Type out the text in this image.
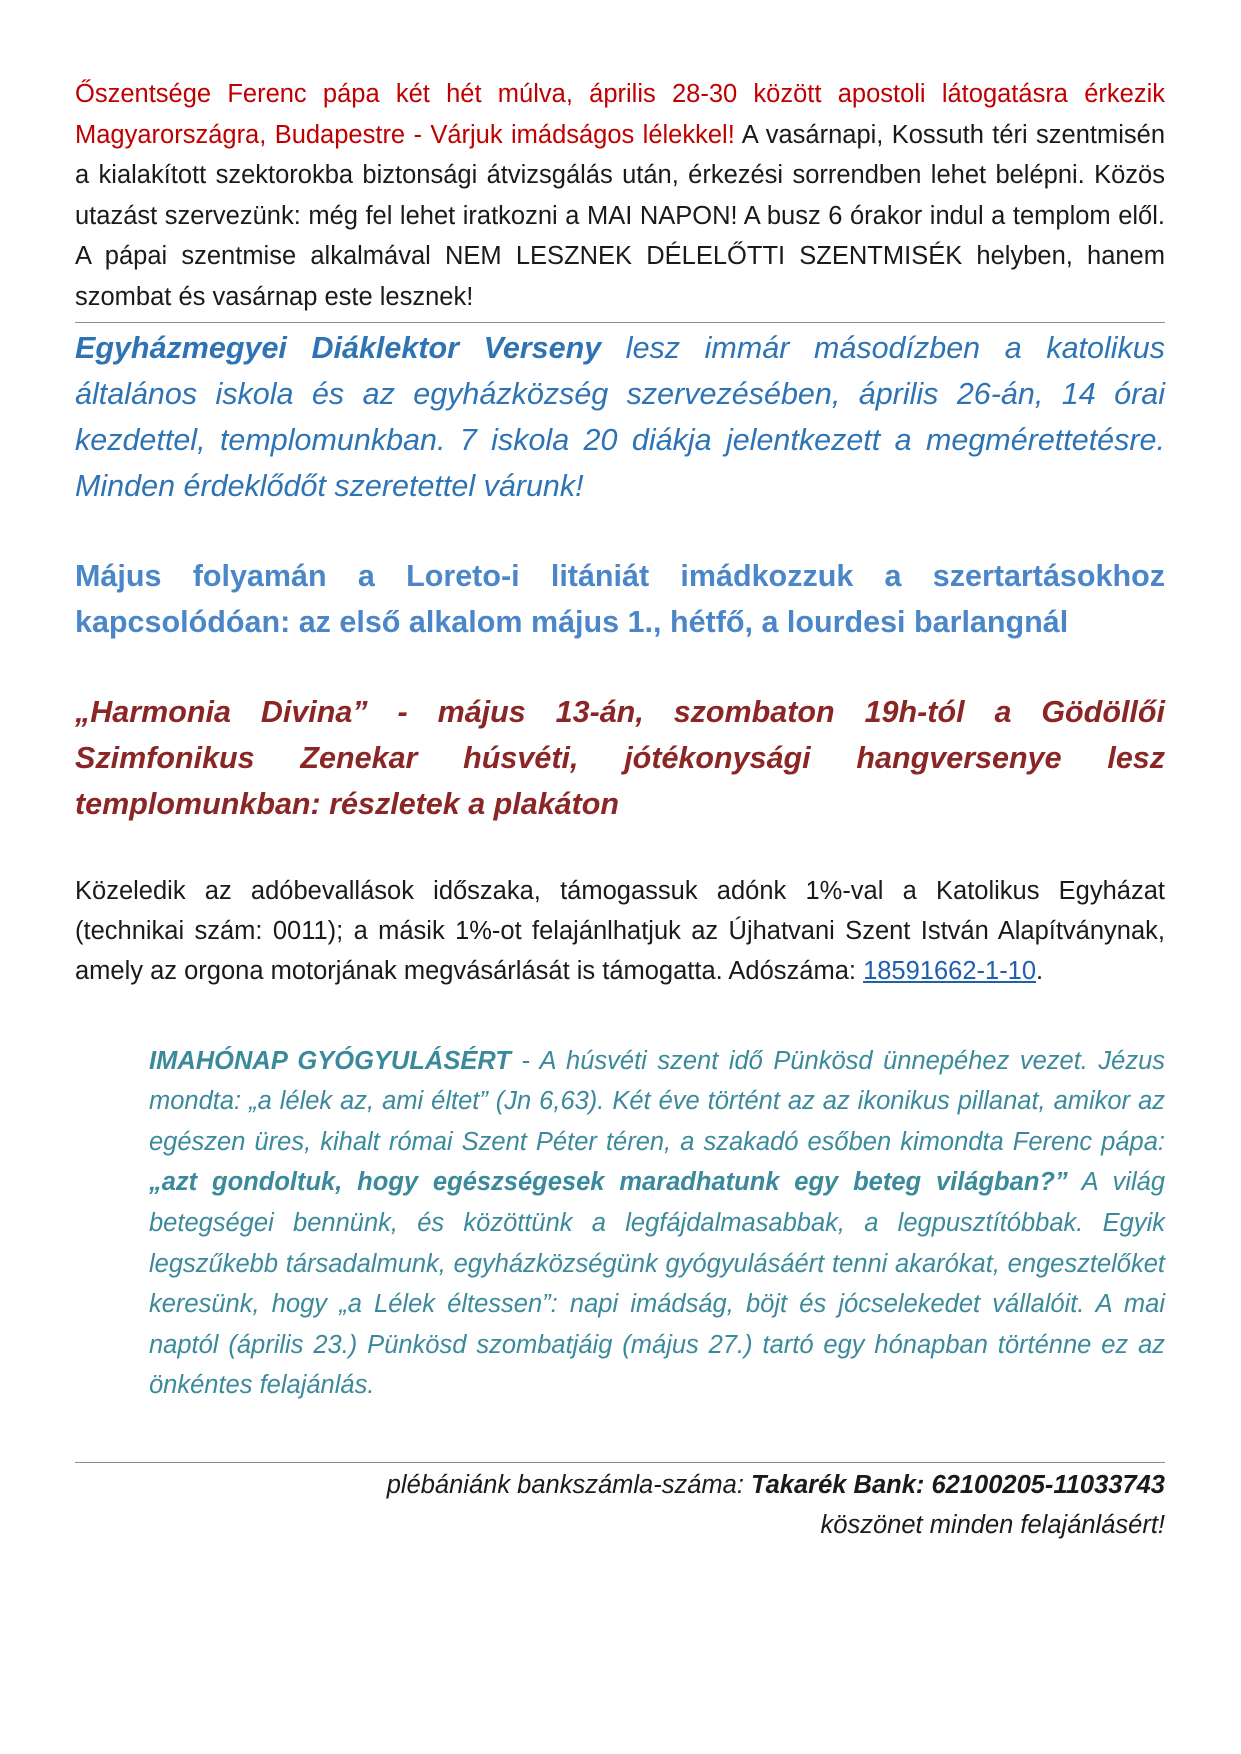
Őszentsége Ferenc pápa két hét múlva, április 28-30 között apostoli látogatásra érkezik Magyarországra, Budapestre - Várjuk imádságos lélekkel! A vasárnapi, Kossuth téri szentmisén a kialakított szektorokba biztonsági átvizsgálás után, érkezési sorrendben lehet belépni. Közös utazást szervezünk: még fel lehet iratkozni a MAI NAPON! A busz 6 órakor indul a templom elől. A pápai szentmise alkalmával NEM LESZNEK DÉLELŐTTI SZENTMISÉK helyben, hanem szombat és vasárnap este lesznek!

Egyházmegyei Diáklektor Verseny lesz immár másodízben a katolikus általános iskola és az egyházközség szervezésében, április 26-án, 14 órai kezdettel, templomunkban. 7 iskola 20 diákja jelentkezett a megmérettetésre. Minden érdeklődőt szeretettel várunk!

Május folyamán a Loreto-i litániát imádkozzuk a szertartásokhoz kapcsolódóan: az első alkalom május 1., hétfő, a lourdesi barlangnál

„Harmonia Divina” - május 13-án, szombaton 19h-tól a Gödöllői Szimfonikus Zenekar húsvéti, jótékonysági hangversenye lesz templomunkban: részletek a plakáton

Közeledik az adóbevallások időszaka, támogassuk adónk 1%-val a Katolikus Egyházat (technikai szám: 0011); a másik 1%-ot felajánlhatjuk az Újhatvani Szent István Alapítványnak, amely az orgona motorjának megvásárlását is támogatta. Adószáma: 18591662-1-10.

IMAHÓNAP GYÓGYULÁSÉRT - A húsvéti szent idő Pünkösd ünnepéhez vezet. Jézus mondta: „a lélek az, ami éltet” (Jn 6,63). Két éve történt az az ikonikus pillanat, amikor az egészen üres, kihalt római Szent Péter téren, a szakadó esőben kimondta Ferenc pápa: „azt gondoltuk, hogy egészségesek maradhatunk egy beteg világban?” A világ betegségei bennünk, és közöttünk a legfájdalmasabbak, a legpusztítóbbak. Egyik legszűkebb társadalmunk, egyházközségünk gyógyulásáért tenni akarókat, engesztelőket keresünk, hogy „a Lélek éltessen”: napi imádság, böjt és jócselekedet vállalóit. A mai naptól (április 23.) Pünkösd szombatjáig (május 27.) tartó egy hónapban történne ez az önkéntes felajánlás.

plébániánk bankszámla-száma: Takarék Bank: 62100205-11033743
köszönet minden felajánlásért!
